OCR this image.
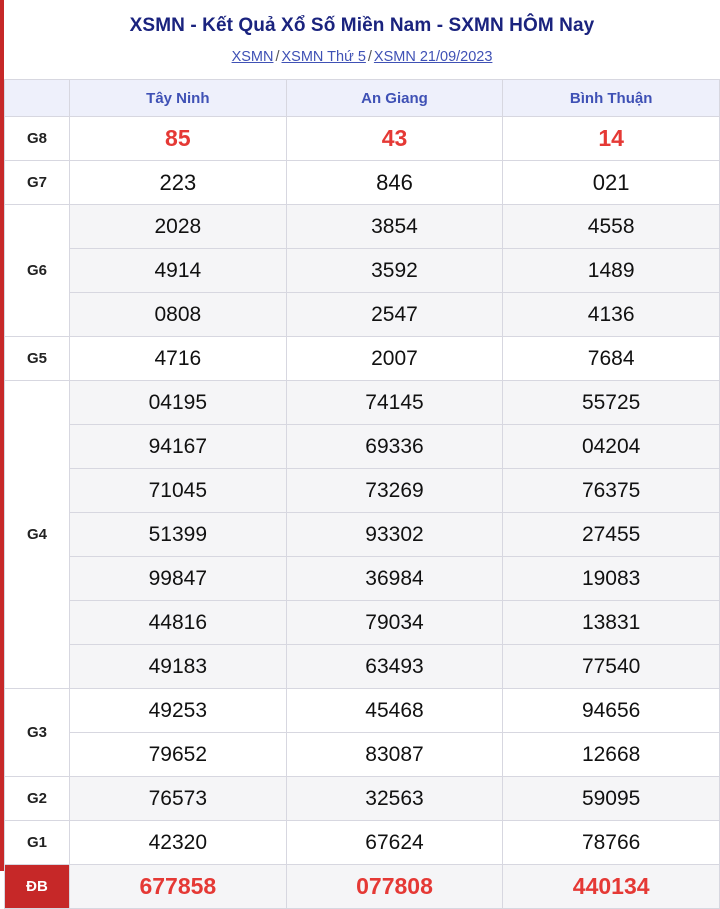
XSMN - Kết Quả Xổ Số Miền Nam - SXMN HÔM Nay
XSMN / XSMN Thứ 5 / XSMN 21/09/2023
	Tây Ninh	An Giang	Bình Thuận
G8	85	43	14
G7	223	846	021
G6	2028	3854	4558
	4914	3592	1489
	0808	2547	4136
G5	4716	2007	7684
G4	04195	74145	55725
	94167	69336	04204
	71045	73269	76375
	51399	93302	27455
	99847	36984	19083
	44816	79034	13831
	49183	63493	77540
G3	49253	45468	94656
	79652	83087	12668
G2	76573	32563	59095
G1	42320	67624	78766
ĐB	677858	077808	440134
